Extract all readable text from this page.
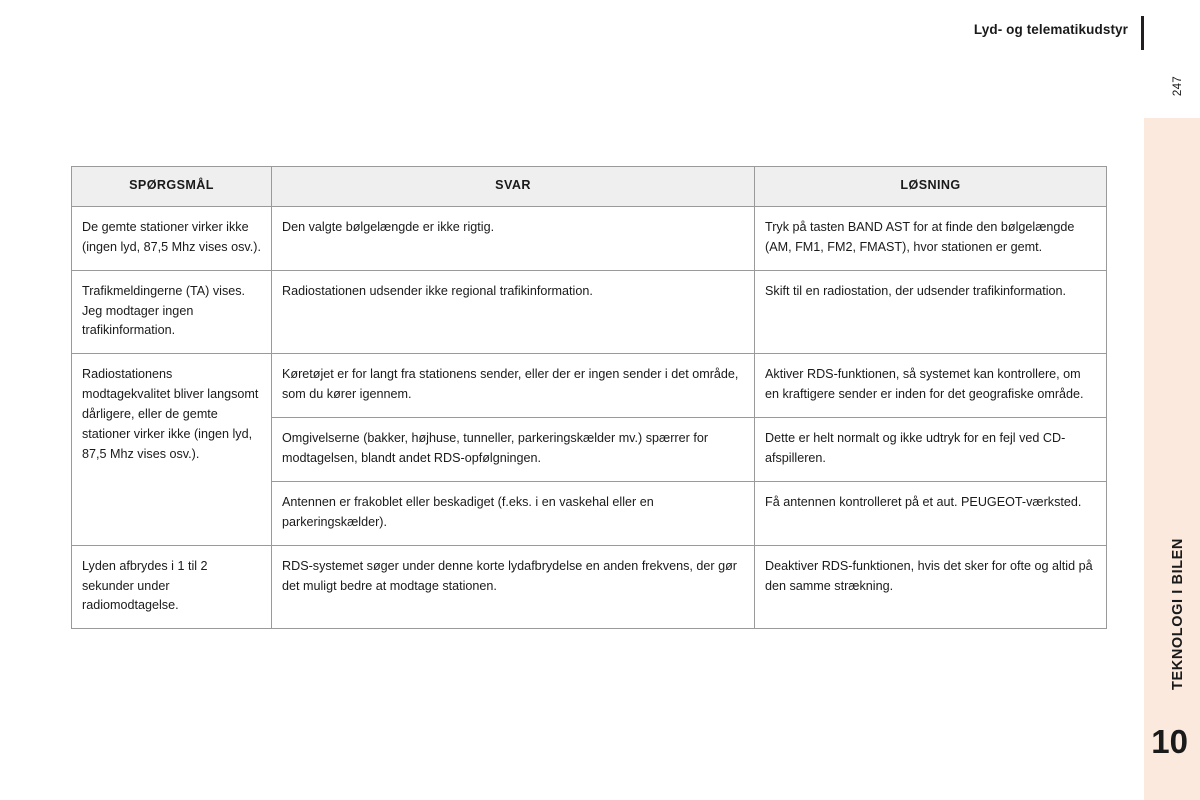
Lyd- og telematikudstyr
TEKNOLOGI I BILEN
10
247
SPØRGSMÅL	SVAR	LØSNING
De gemte stationer virker ikke (ingen lyd, 87,5 Mhz vises osv.).	Den valgte bølgelængde er ikke rigtig.	Tryk på tasten BAND AST for at finde den bølgelængde (AM, FM1, FM2, FMAST), hvor stationen er gemt.
Trafikmeldingerne (TA) vises. Jeg modtager ingen trafikinformation.	Radiostationen udsender ikke regional trafikinformation.	Skift til en radiostation, der udsender trafikinformation.
Radiostationens modtagekvalitet bliver langsomt dårligere, eller de gemte stationer virker ikke (ingen lyd, 87,5 Mhz vises osv.).	Køretøjet er for langt fra stationens sender, eller der er ingen sender i det område, som du kører igennem.	Aktiver RDS-funktionen, så systemet kan kontrollere, om en kraftigere sender er inden for det geografiske område.
	Omgivelserne (bakker, højhuse, tunneller, parkeringskælder mv.) spærrer for modtagelsen, blandt andet RDS-opfølgningen.	Dette er helt normalt og ikke udtryk for en fejl ved CD-afspilleren.
	Antennen er frakoblet eller beskadiget (f.eks. i en vaskehal eller en parkeringskælder).	Få antennen kontrolleret på et aut. PEUGEOT-værksted.
Lyden afbrydes i 1 til 2 sekunder under radiomodtagelse.	RDS-systemet søger under denne korte lydafbrydelse en anden frekvens, der gør det muligt bedre at modtage stationen.	Deaktiver RDS-funktionen, hvis det sker for ofte og altid på den samme strækning.
